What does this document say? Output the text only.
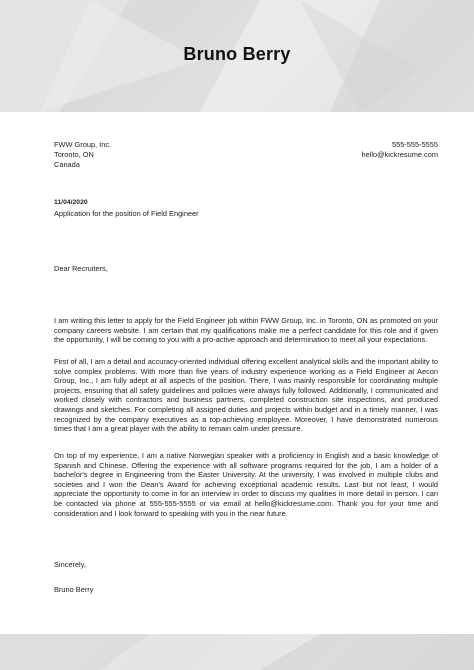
Bruno Berry
FWW Group, Inc.
Toronto, ON
Canada
555-555-5555
hello@kickresume.com
11/04/2020
Application for the position of Field Engineer
Dear Recruiters,
I am writing this letter to apply for the Field Engineer job within FWW Group, Inc. in Toronto, ON as promoted on your company careers website. I am certain that my qualifications make me a perfect candidate for this role and if given the opportunity, I will be coming to you with a pro-active approach and determination to meet all your expectations.
First of all, I am a detail and accuracy-oriented individual offering excellent analytical skills and the important ability to solve complex problems. With more than five years of industry experience working as a Field Engineer at Aecon Group, Inc., I am fully adept at all aspects of the position. There, I was mainly responsible for coordinating multiple projects, ensuring that all safety guidelines and policies were always fully followed. Additionally, I communicated and worked closely with contractors and business partners, completed construction site inspections, and produced drawings and sketches. For completing all assigned duties and projects within budget and in a timely manner, I was recognized by the company executives as a top-achieving employee. Moreover, I have demonstrated numerous times that I am a great player with the ability to remain calm under pressure.
On top of my experience, I am a native Norwegian speaker with a proficiency in English and a basic knowledge of Spanish and Chinese. Offering the experience with all software programs required for the job, I am a holder of a bachelor's degree in Engineering from the Easter University. At the university, I was involved in multiple clubs and societies and I won the Dean's Award for achieving exceptional academic results. Last but not least, I would appreciate the opportunity to come in for an interview in order to discuss my qualities in more detail in person. I can be contacted via phone at 555-555-5555 or via email at hello@kickresume.com. Thank you for your time and consideration and I look forward to speaking with you in the near future.
Sincerely,
Bruno Berry
